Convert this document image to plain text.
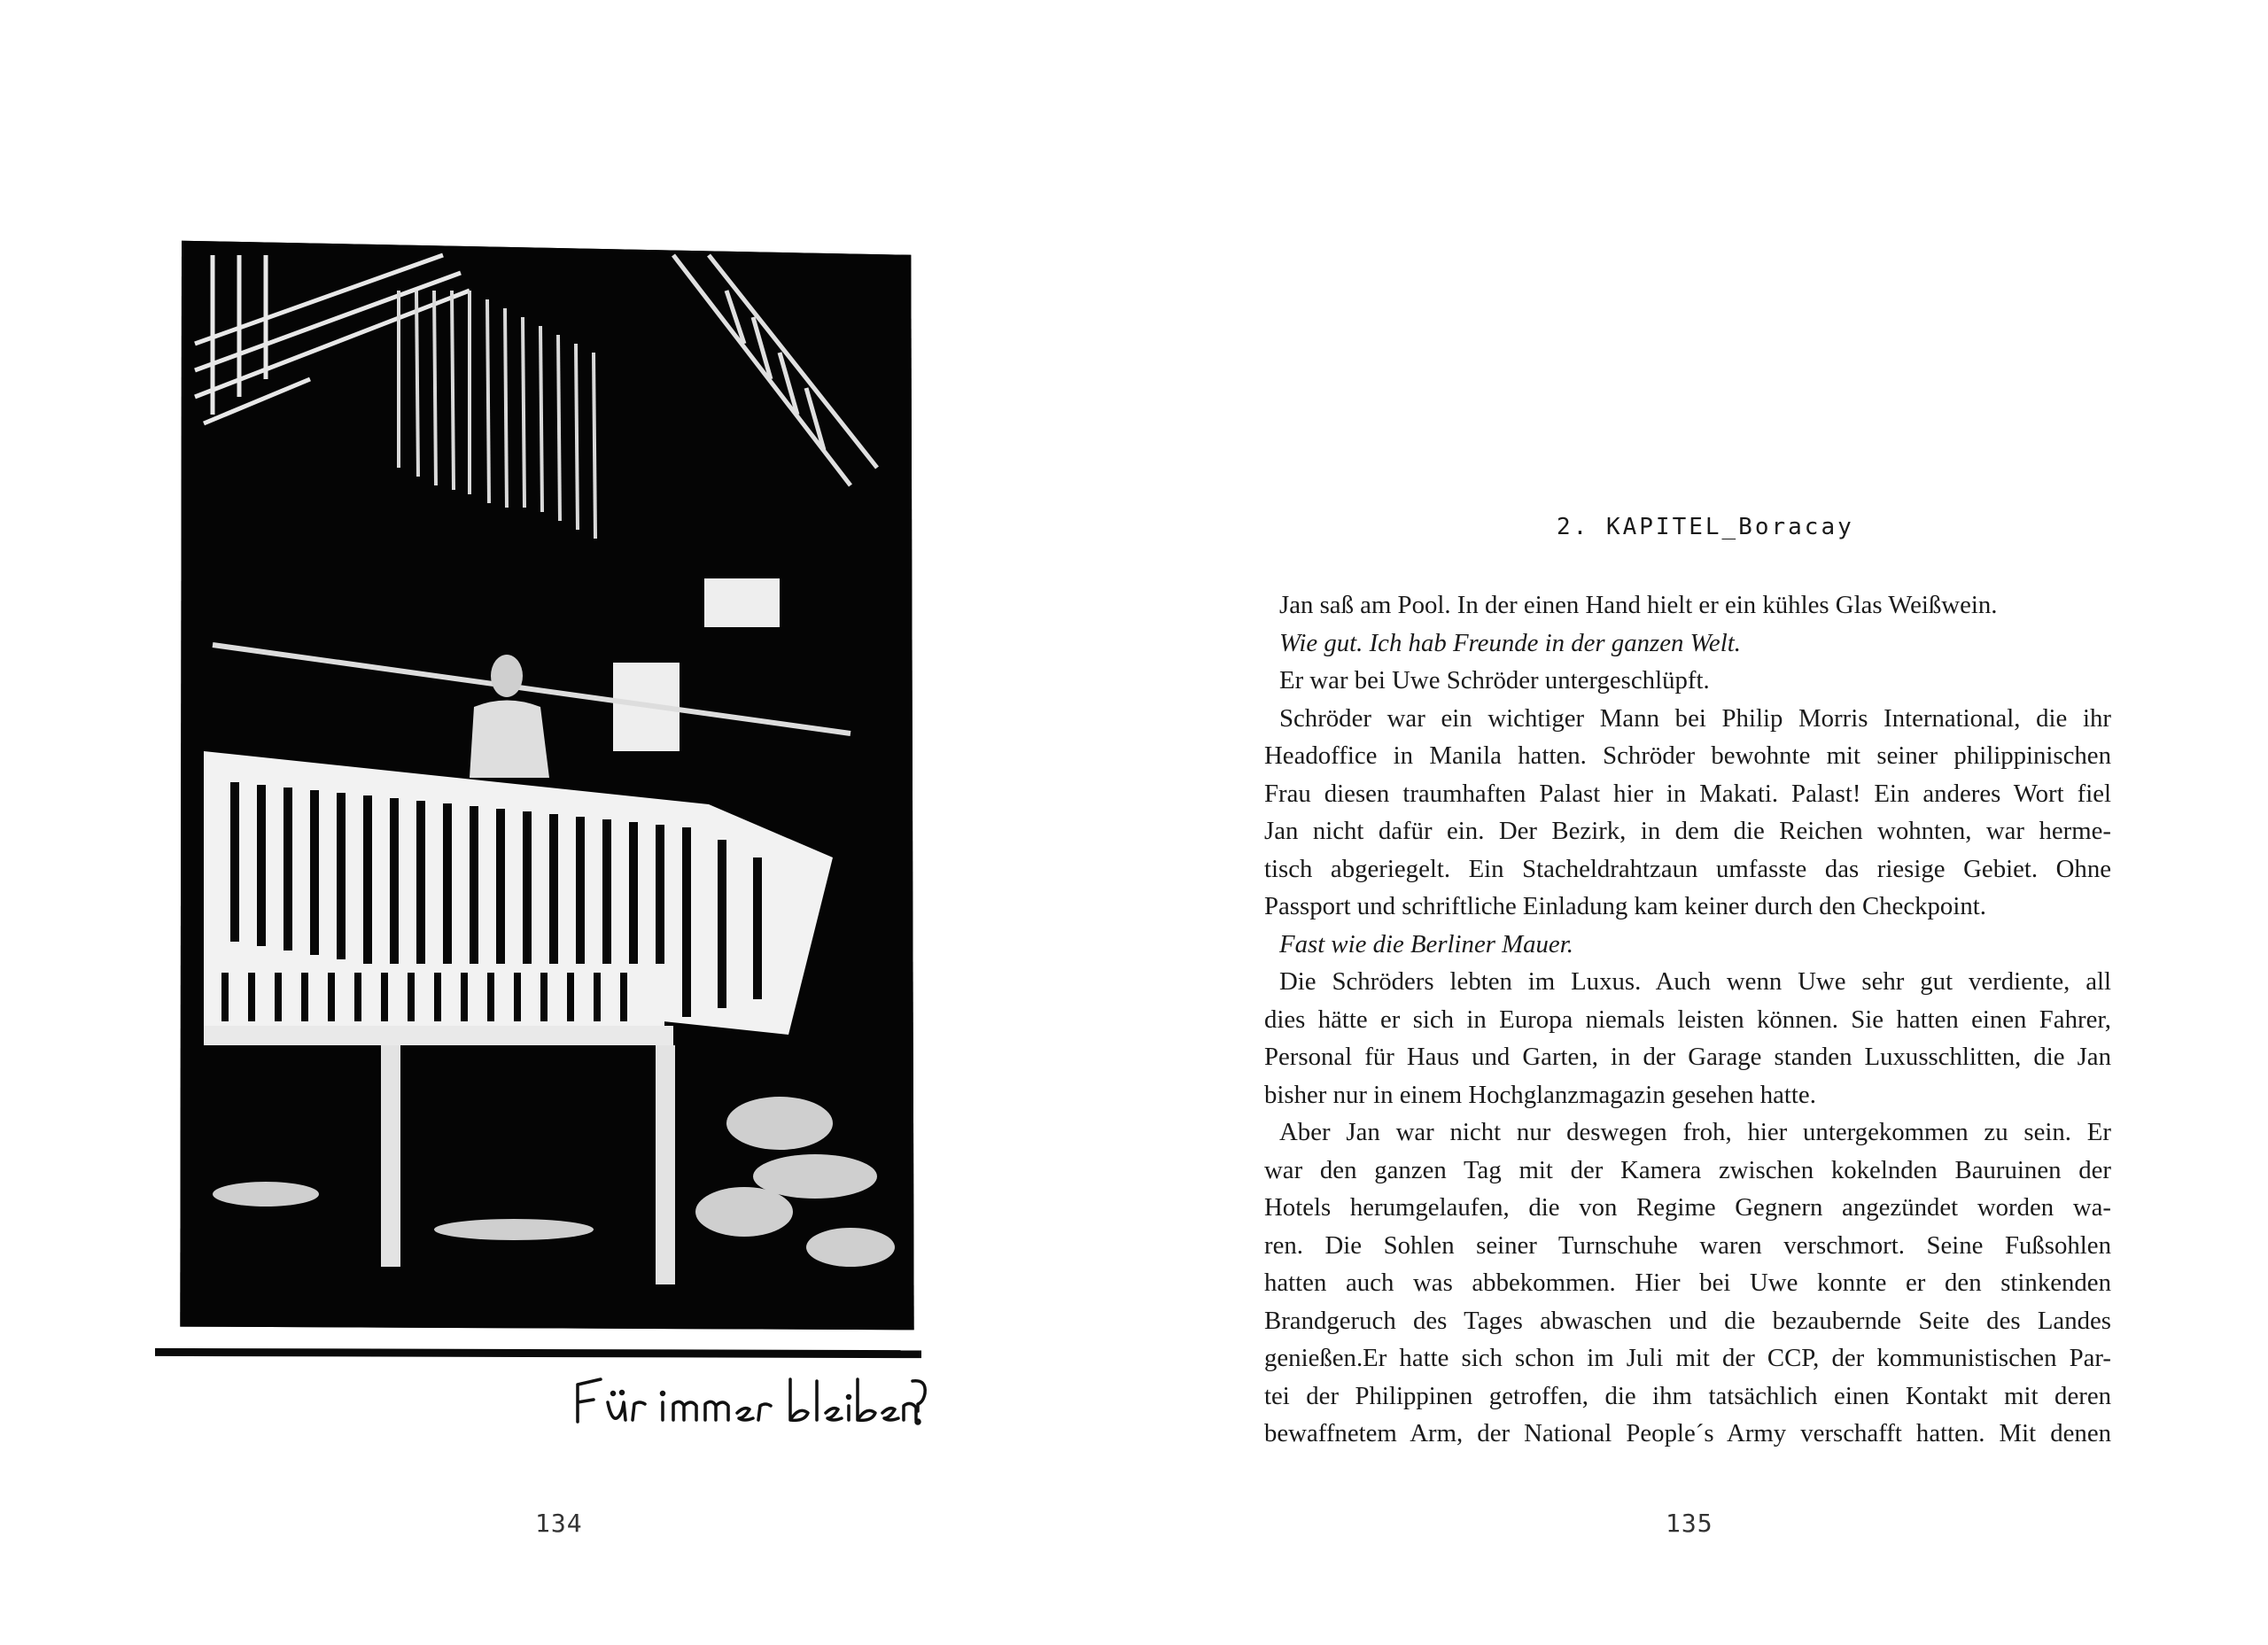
134
2. KAPITEL_Boracay
Jan saß am Pool. In der einen Hand hielt er ein kühles Glas Weißwein.
Wie gut. Ich hab Freunde in der ganzen Welt.
Er war bei Uwe Schröder untergeschlüpft.
Schröder war ein wichtiger Mann bei Philip Morris International, die ihr
Headoffice in Manila hatten. Schröder bewohnte mit seiner philippinischen
Frau diesen traumhaften Palast hier in Makati. Palast! Ein anderes Wort fiel
Jan nicht dafür ein. Der Bezirk, in dem die Reichen wohnten, war herme-
tisch abgeriegelt. Ein Stacheldrahtzaun umfasste das riesige Gebiet. Ohne
Passport und schriftliche Einladung kam keiner durch den Checkpoint.
Fast wie die Berliner Mauer.
Die Schröders lebten im Luxus. Auch wenn Uwe sehr gut verdiente, all
dies hätte er sich in Europa niemals leisten können. Sie hatten einen Fahrer,
Personal für Haus und Garten, in der Garage standen Luxusschlitten, die Jan
bisher nur in einem Hochglanzmagazin gesehen hatte.
Aber Jan war nicht nur deswegen froh, hier untergekommen zu sein. Er
war den ganzen Tag mit der Kamera zwischen kokelnden Bauruinen der
Hotels herumgelaufen, die von Regime Gegnern angezündet worden wa-
ren. Die Sohlen seiner Turnschuhe waren verschmort. Seine Fußsohlen
hatten auch was abbekommen. Hier bei Uwe konnte er den stinkenden
Brandgeruch des Tages abwaschen und die bezaubernde Seite des Landes
genießen.Er hatte sich schon im Juli mit der CCP, der kommunistischen Par-
tei der Philippinen getroffen, die ihm tatsächlich einen Kontakt mit deren
bewaffnetem Arm, der National People´s Army verschafft hatten. Mit denen
135
